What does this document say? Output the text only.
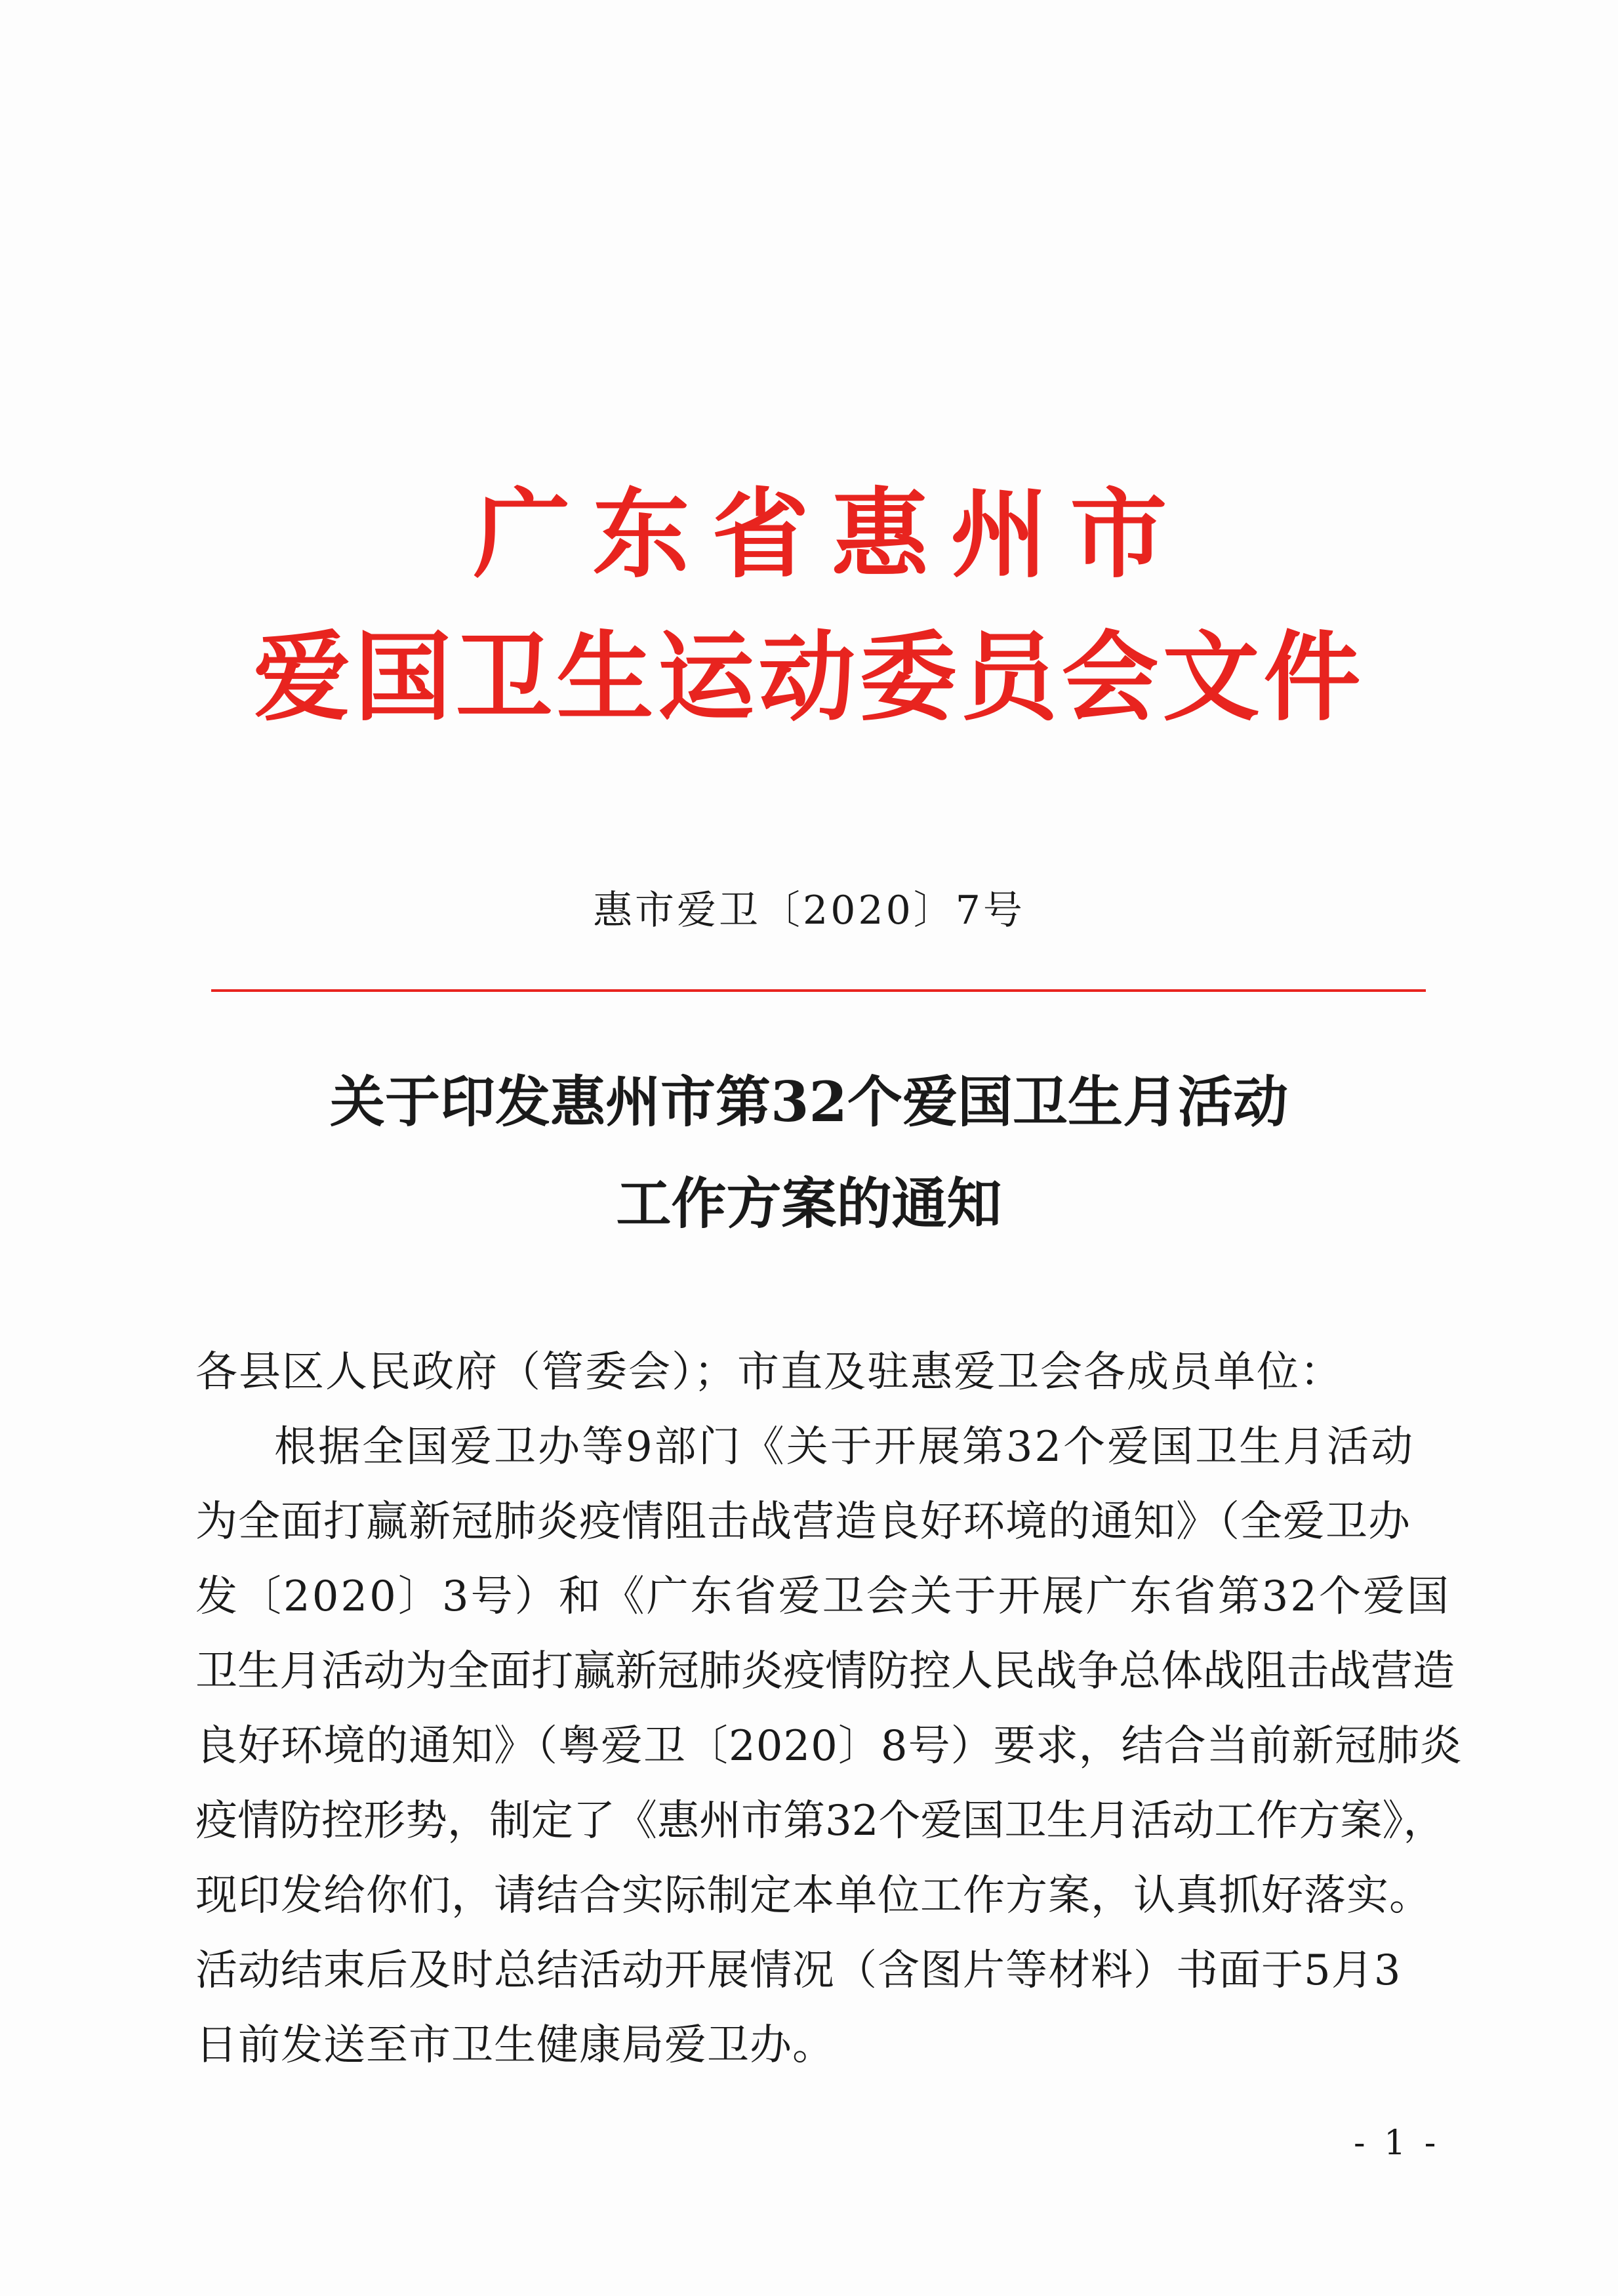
广东省惠州市
爱国卫生运动委员会文件
惠市爱卫〔2020〕7号
关于印发惠州市第32个爱国卫生月活动
工作方案的通知
各县区人民政府（管委会）；市直及驻惠爱卫会各成员单位：
根据全国爱卫办等9部门《关于开展第32个爱国卫生月活动
为全面打赢新冠肺炎疫情阻击战营造良好环境的通知》（全爱卫办
发〔2020〕3号）和《广东省爱卫会关于开展广东省第32个爱国
卫生月活动为全面打赢新冠肺炎疫情防控人民战争总体战阻击战营造
良好环境的通知》（粤爱卫〔2020〕8号）要求，结合当前新冠肺炎
疫情防控形势，制定了《惠州市第32个爱国卫生月活动工作方案》，
现印发给你们，请结合实际制定本单位工作方案，认真抓好落实。
活动结束后及时总结活动开展情况（含图片等材料）书面于5月3
日前发送至市卫生健康局爱卫办。
- 1 -
